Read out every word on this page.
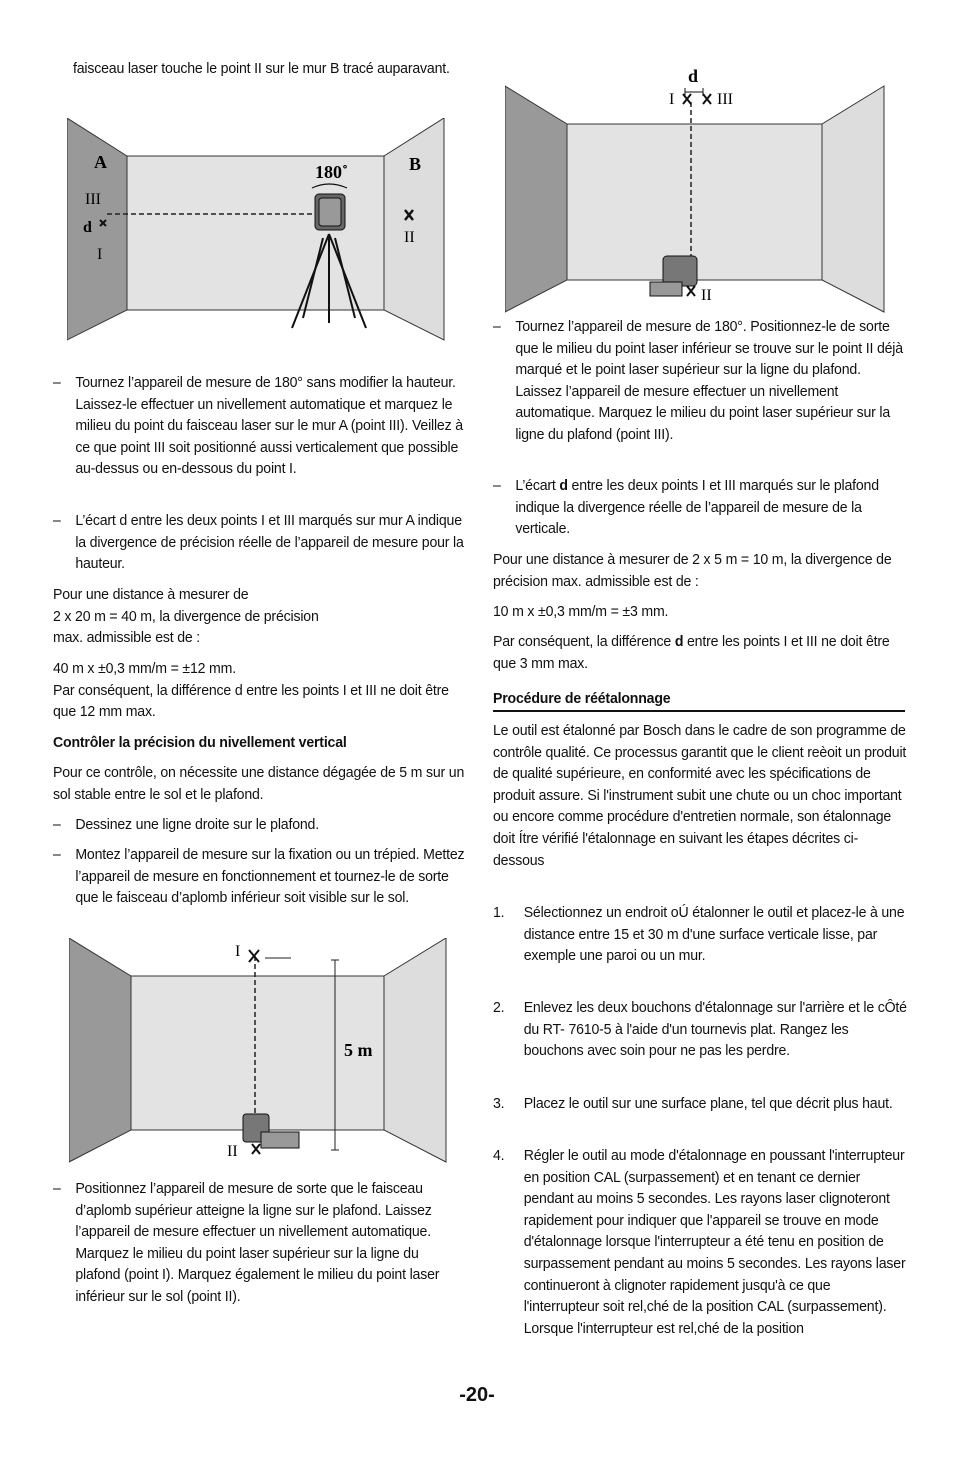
faisceau laser touche le point II sur le mur B tracé auparavant.
A	B
180˚
III
d
I
II
– Tournez l’appareil de mesure de 180° sans modifier la hauteur. Laissez-le effectuer un nivellement automatique et marquez le milieu du point du faisceau laser sur le mur A (point III). Veillez à ce que point III soit positionné aussi verticalement que possible au-dessus ou en-dessous du point I.
– L’écart d entre les deux points I et III marqués sur mur A indique la divergence de précision réelle de l’appareil de mesure pour la hauteur.
Pour une distance à mesurer de
2 x 20 m = 40 m, la divergence de précision
max. admissible est de :
40 m x ±0,3 mm/m = ±12 mm.
Par conséquent, la différence d entre les points I et III ne doit être que 12 mm max.
Contrôler la précision du nivellement vertical
Pour ce contrôle, on nécessite une distance dégagée de 5 m sur un sol stable entre le sol et le plafond.
– Dessinez une ligne droite sur le plafond.
– Montez l’appareil de mesure sur la fixation ou un trépied. Mettez l’appareil de mesure en fonctionnement et tournez-le de sorte que le faisceau d’aplomb inférieur soit visible sur le sol.
I
II
5 m
– Positionnez l’appareil de mesure de sorte que le faisceau d’aplomb supérieur atteigne la ligne sur le plafond. Laissez l’appareil de mesure effectuer un nivellement automatique. Marquez le milieu du point laser supérieur sur la ligne du plafond (point I). Marquez également le milieu du point laser inférieur sur le sol (point II).
d
I	III
II
– Tournez l’appareil de mesure de 180°. Positionnez-le de sorte que le milieu du point laser inférieur se trouve sur le point II déjà marqué et le point laser supérieur sur la ligne du plafond. Laissez l’appareil de mesure effectuer un nivellement automatique. Marquez le milieu du point laser supérieur sur la ligne du plafond (point III).
– L’écart d entre les deux points I et III marqués sur le plafond indique la divergence réelle de l’appareil de mesure de la verticale.
Pour une distance à mesurer de 2 x 5 m = 10 m, la divergence de précision max. admissible est de :
10 m x ±0,3 mm/m = ±3 mm.
Par conséquent, la différence d entre les points I et III ne doit être que 3 mm max.
Procédure de réétalonnage
Le outil est étalonné par Bosch dans le cadre de son programme de contrôle qualité. Ce processus garantit que le client reèoit un produit de qualité supérieure, en conformité avec les spécifications de produit assure. Si l'instrument subit une chute ou un choc important ou encore comme procédure d'entretien normale, son étalonnage doit Ítre vérifié l'étalonnage en suivant les étapes décrites ci-dessous
1. Sélectionnez un endroit oÚ étalonner le outil et placez-le à une distance entre 15 et 30 m d'une surface verticale lisse, par exemple une paroi ou un mur.
2. Enlevez les deux bouchons d'étalonnage sur l'arrière et le cÔté du RT- 7610-5 à l'aide d'un tournevis plat. Rangez les bouchons avec soin pour ne pas les perdre.
3. Placez le outil sur une surface plane, tel que décrit plus haut.
4. Régler le outil au mode d'étalonnage en poussant l'interrupteur en position CAL (surpassement) et en tenant ce dernier pendant au moins 5 secondes. Les rayons laser clignoteront rapidement pour indiquer que l'appareil se trouve en mode d'étalonnage lorsque l'interrupteur a été tenu en position de surpassement pendant au moins 5 secondes. Les rayons laser continueront à clignoter rapidement jusqu'à ce que l'interrupteur soit rel,ché de la position CAL (surpassement). Lorsque l'interrupteur est rel,ché de la position
-20-
